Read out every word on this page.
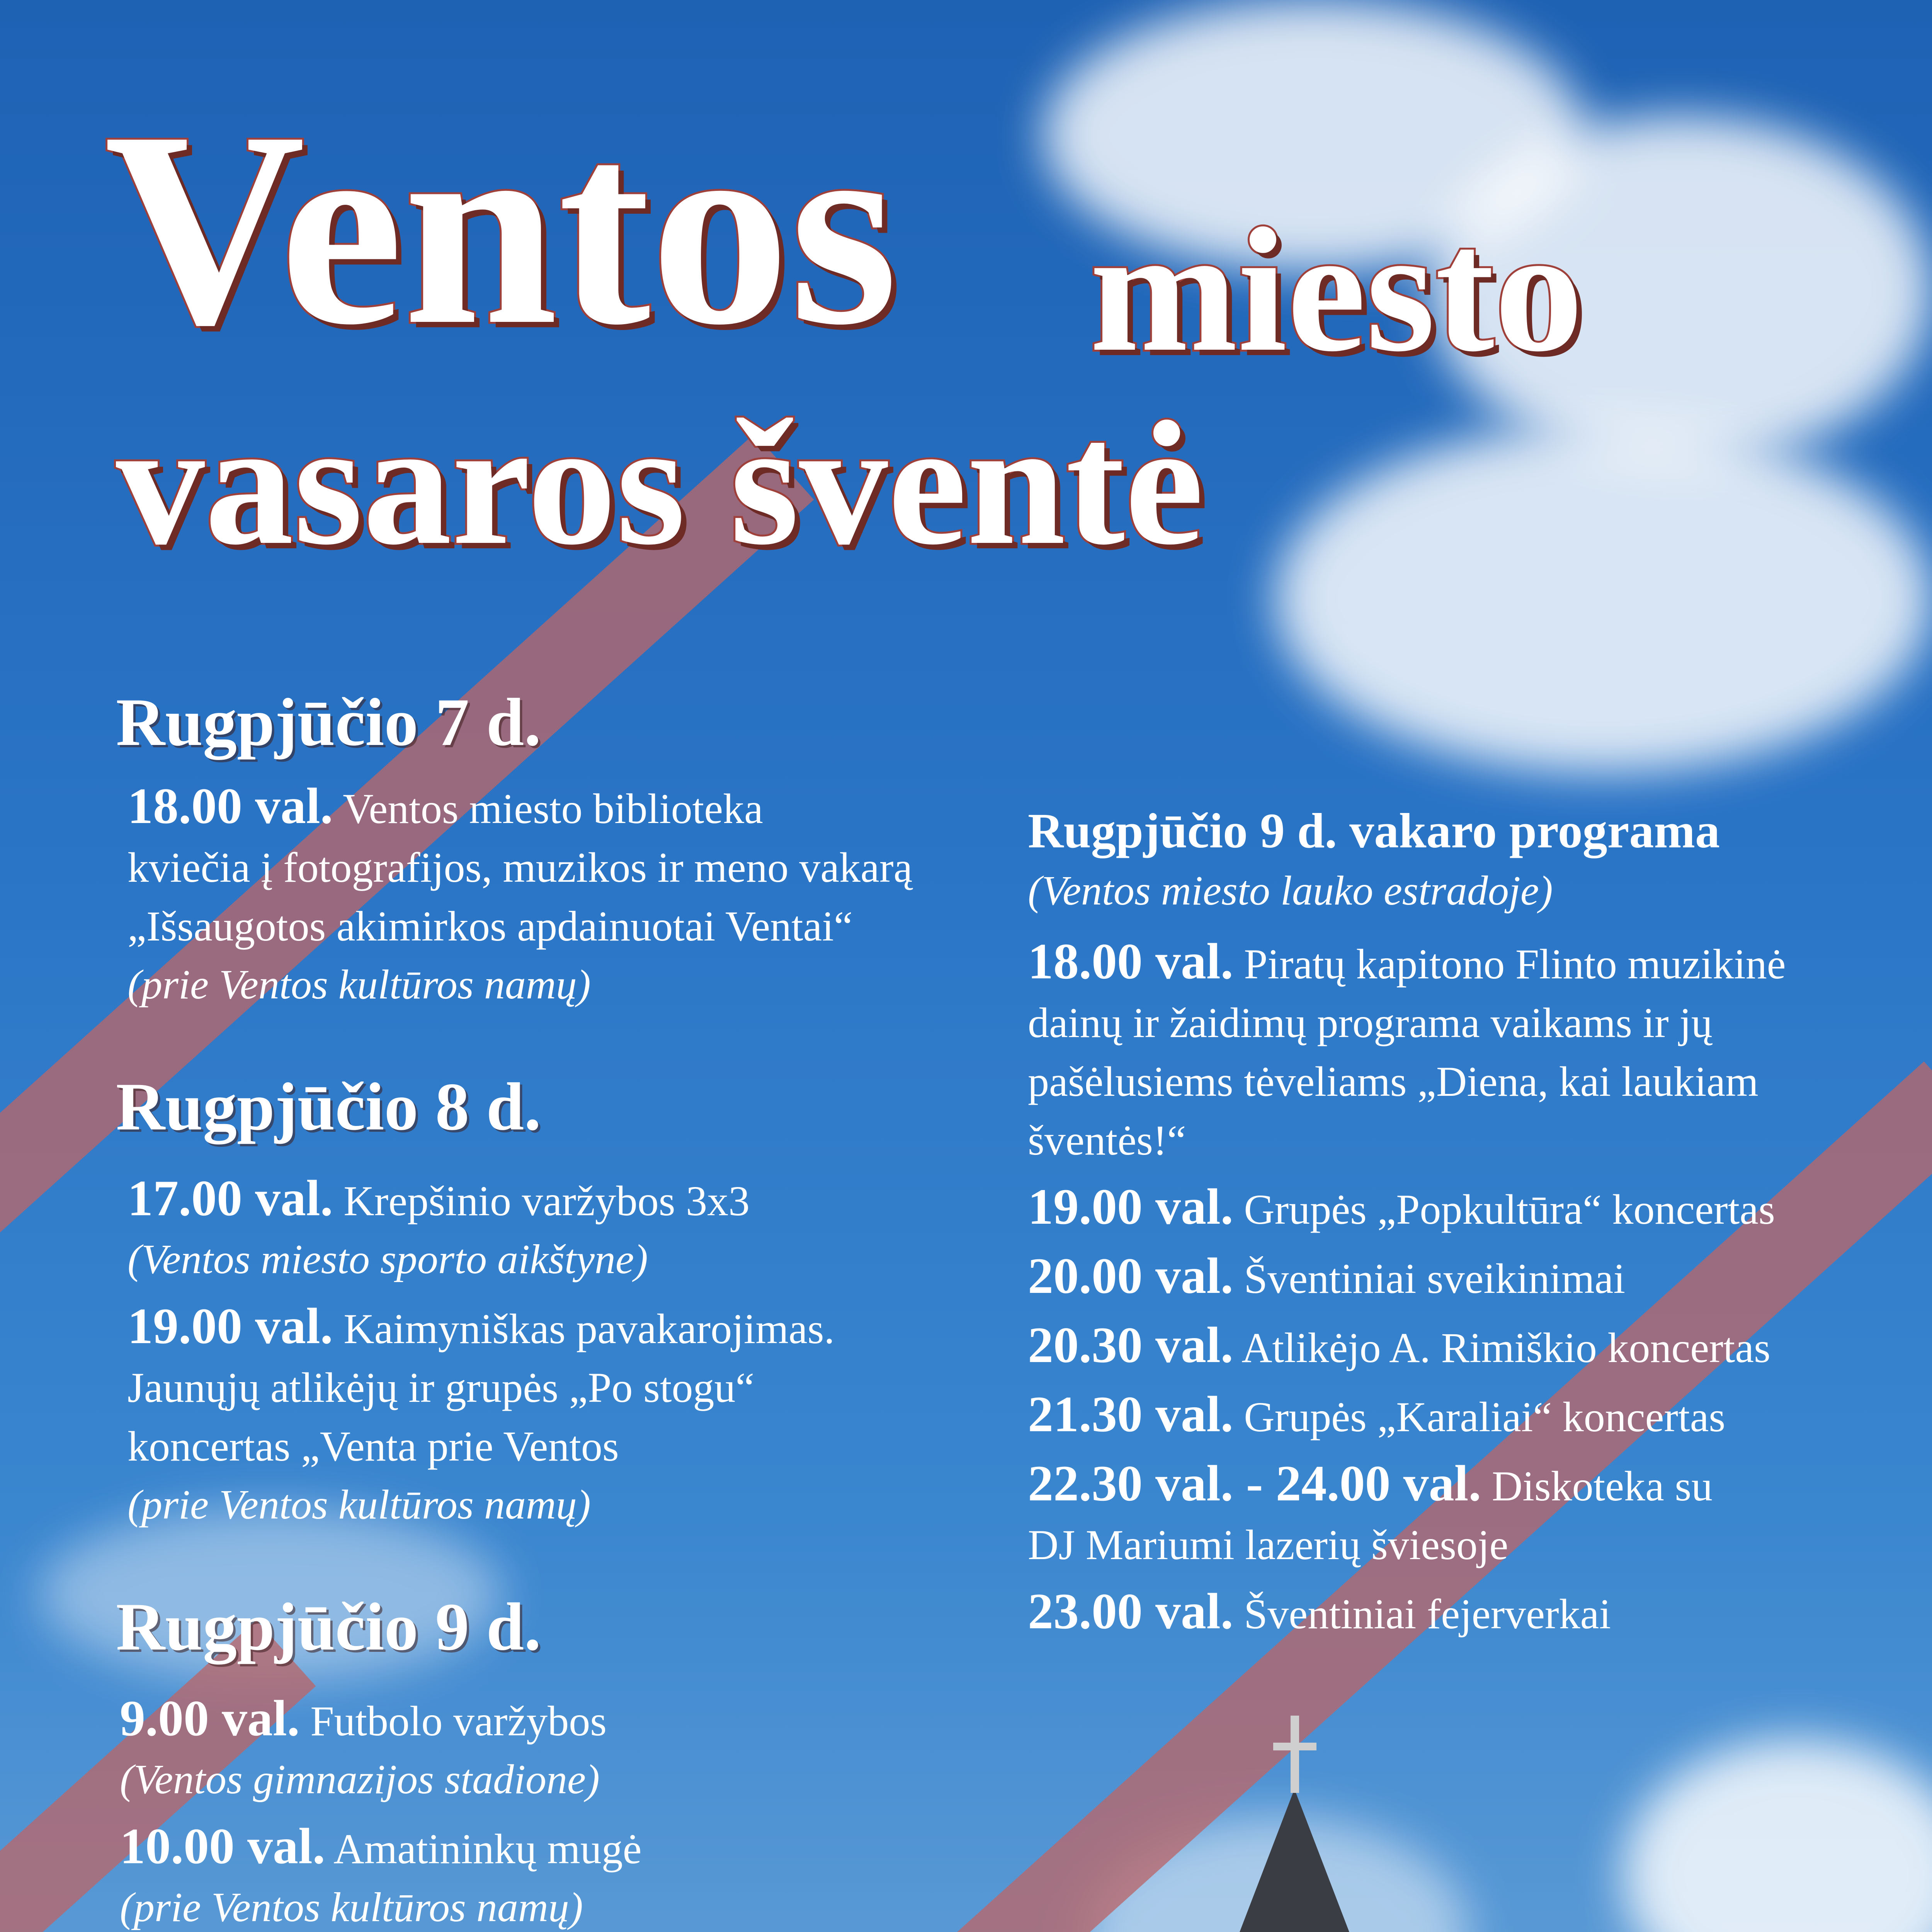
Ventos miesto
vasaros šventė

Rugpjūčio 7 d.

18.00 val. Ventos miesto biblioteka

kviečia į fotografijos, muzikos ir meno vakarą

„Išsaugotos akimirkos apdainuotai Ventai“

(prie Ventos kultūros namų)

Rugpjūčio 8 d.

17.00 val. Krepšinio varžybos 3x3

(Ventos miesto sporto aikštyne)

19.00 val. Kaimyniškas pavakarojimas.

Jaunųjų atlikėjų ir grupės „Po stogu“

koncertas „Venta prie Ventos

(prie Ventos kultūros namų)

Rugpjūčio 9 d.

9.00 val. Futbolo varžybos

(Ventos gimnazijos stadione)

10.00 val. Amatininkų mugė

(prie Ventos kultūros namų)

Rugpjūčio 9 d. vakaro programa

(Ventos miesto lauko estradoje)

18.00 val. Piratų kapitono Flinto muzikinė

dainų ir žaidimų programa vaikams ir jų

pašėlusiems tėveliams „Diena, kai laukiam

šventės!“

19.00 val. Grupės „Popkultūra“ koncertas

20.00 val. Šventiniai sveikinimai

20.30 val. Atlikėjo A. Rimiškio koncertas

21.30 val. Grupės „Karaliai“ koncertas

22.30 val. - 24.00 val. Diskoteka su

DJ Mariumi lazerių šviesoje

23.00 val. Šventiniai fejerverkai
